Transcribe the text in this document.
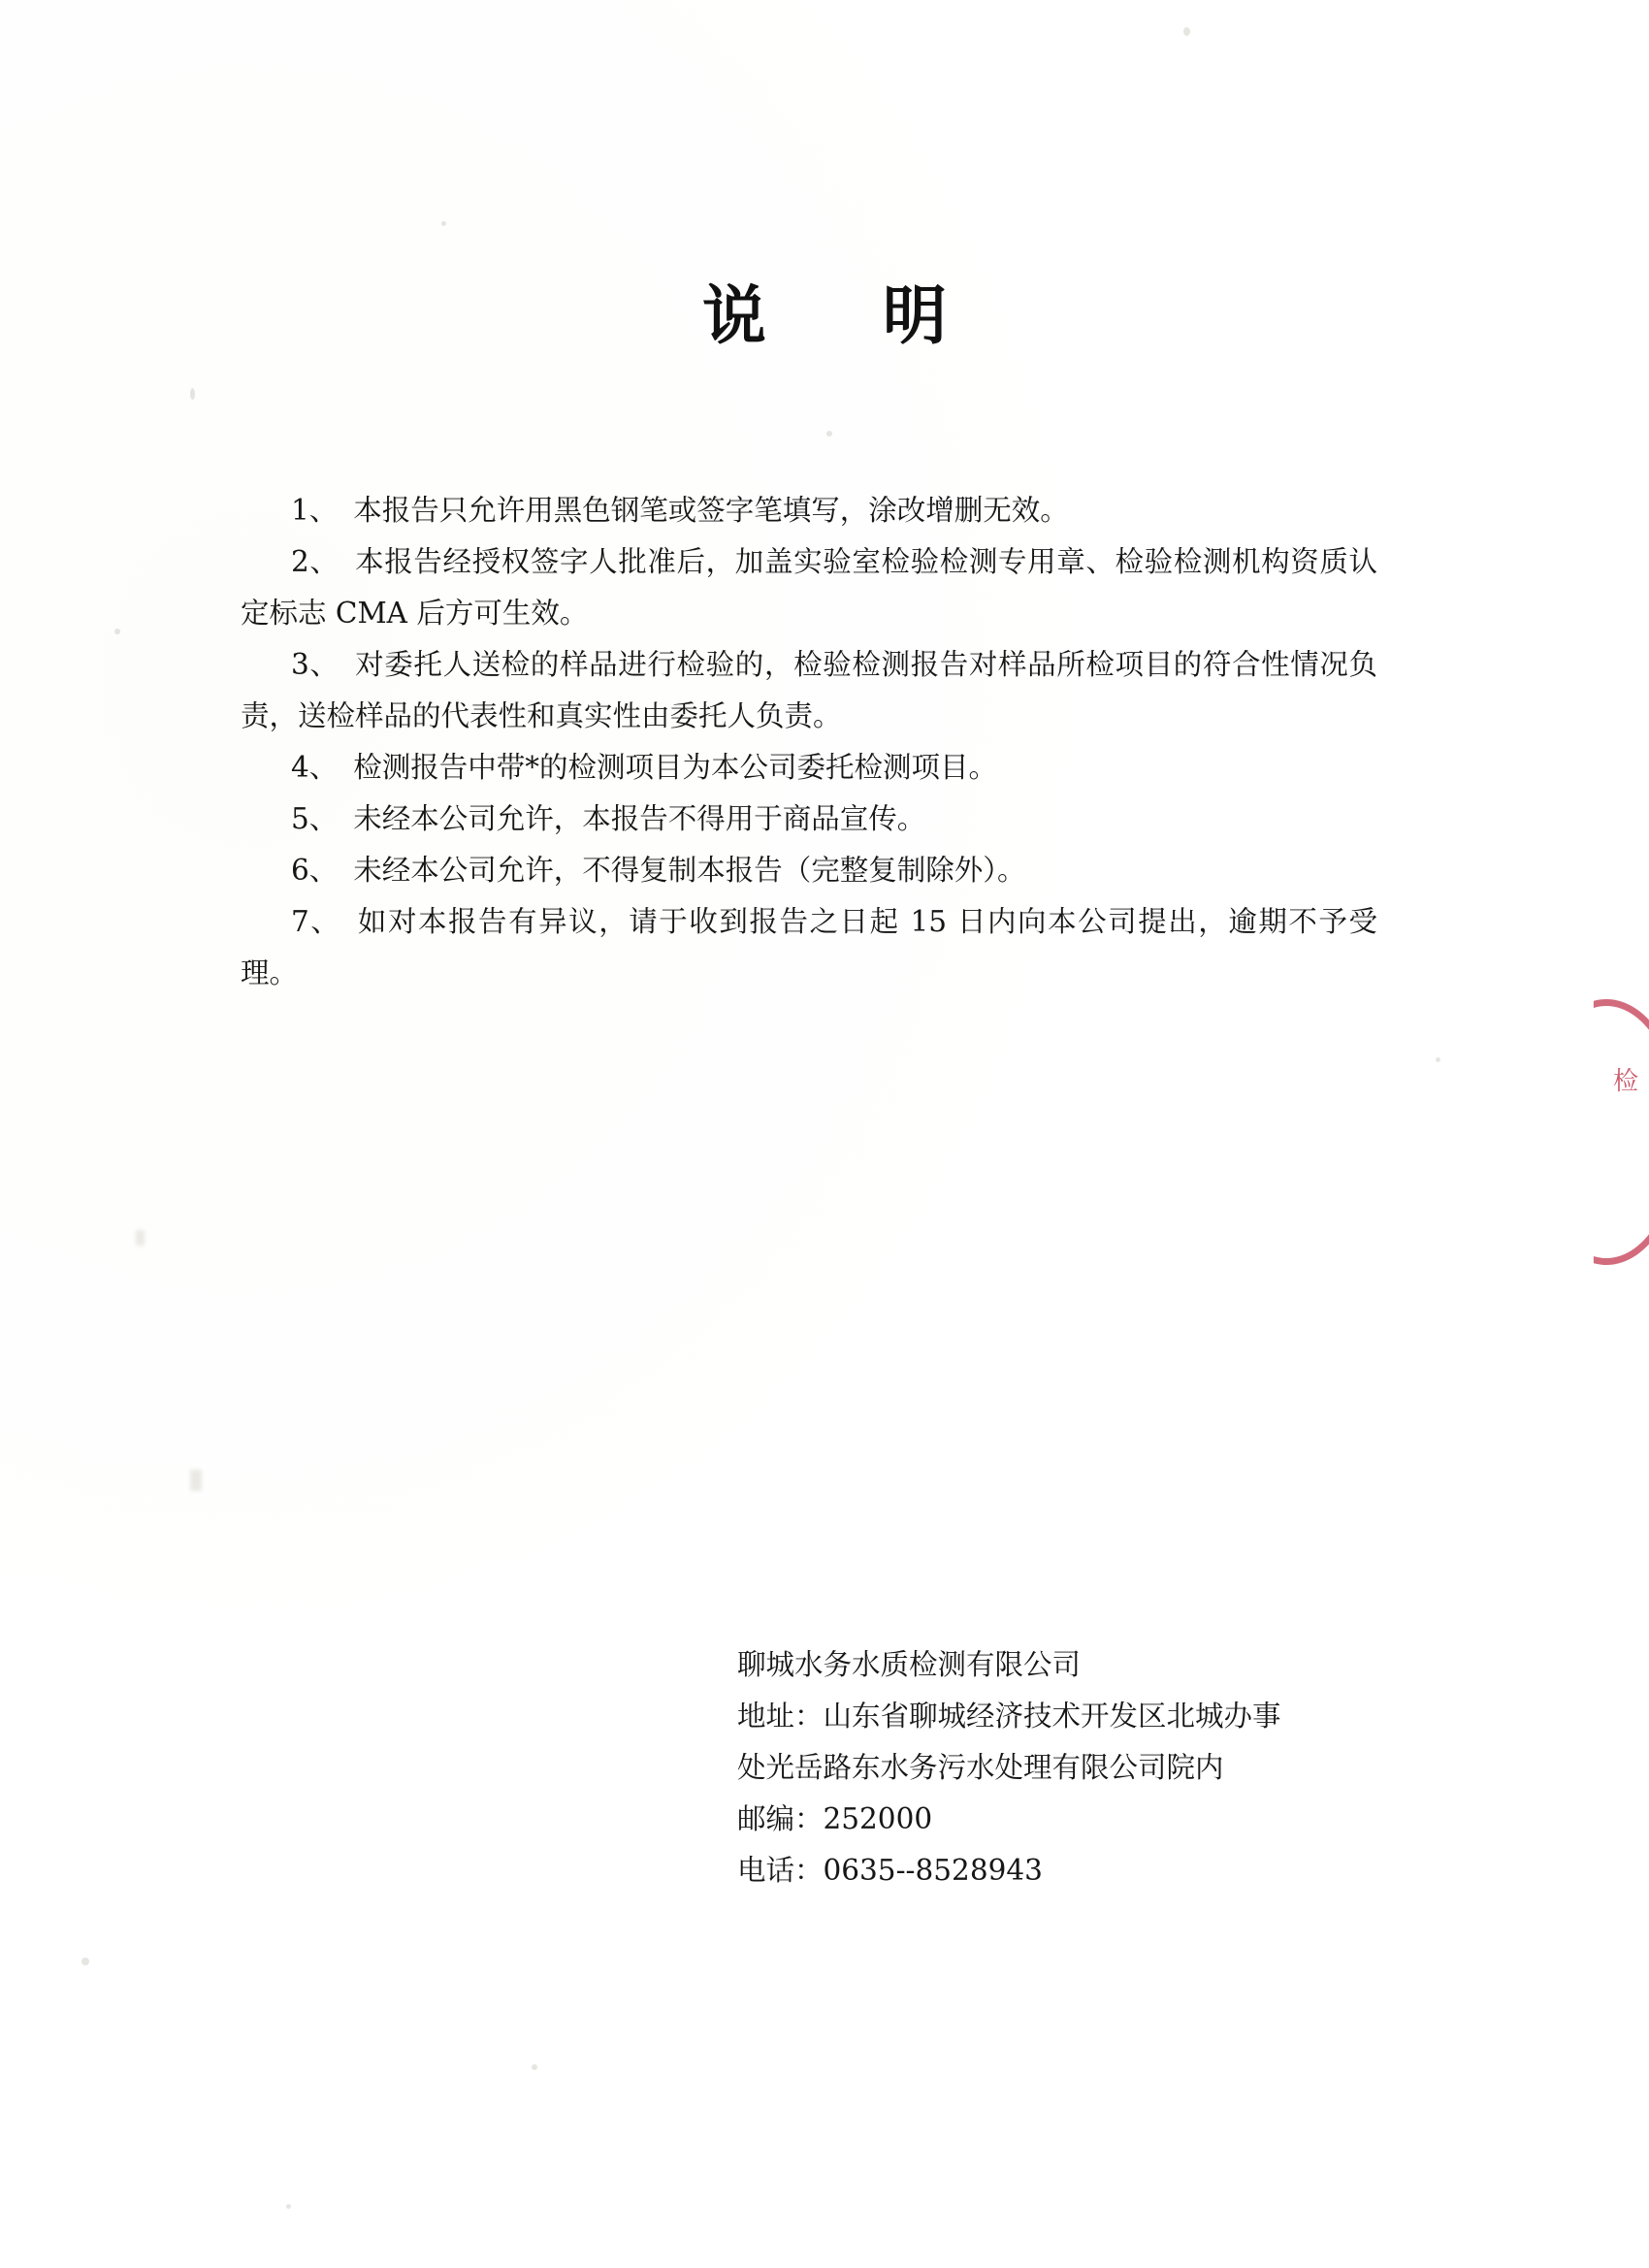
说 明

1、 本报告只允许用黑色钢笔或签字笔填写，涂改增删无效。

2、 本报告经授权签字人批准后，加盖实验室检验检测专用章、检验检测机构资质认定标志 CMA 后方可生效。

3、 对委托人送检的样品进行检验的，检验检测报告对样品所检项目的符合性情况负责，送检样品的代表性和真实性由委托人负责。

4、 检测报告中带*的检测项目为本公司委托检测项目。

5、 未经本公司允许，本报告不得用于商品宣传。

6、 未经本公司允许，不得复制本报告（完整复制除外）。

7、 如对本报告有异议，请于收到报告之日起 15 日内向本公司提出，逾期不予受理。

聊城水务水质检测有限公司
地址：山东省聊城经济技术开发区北城办事
处光岳路东水务污水处理有限公司院内
邮编：252000
电话：0635--8528943
检
